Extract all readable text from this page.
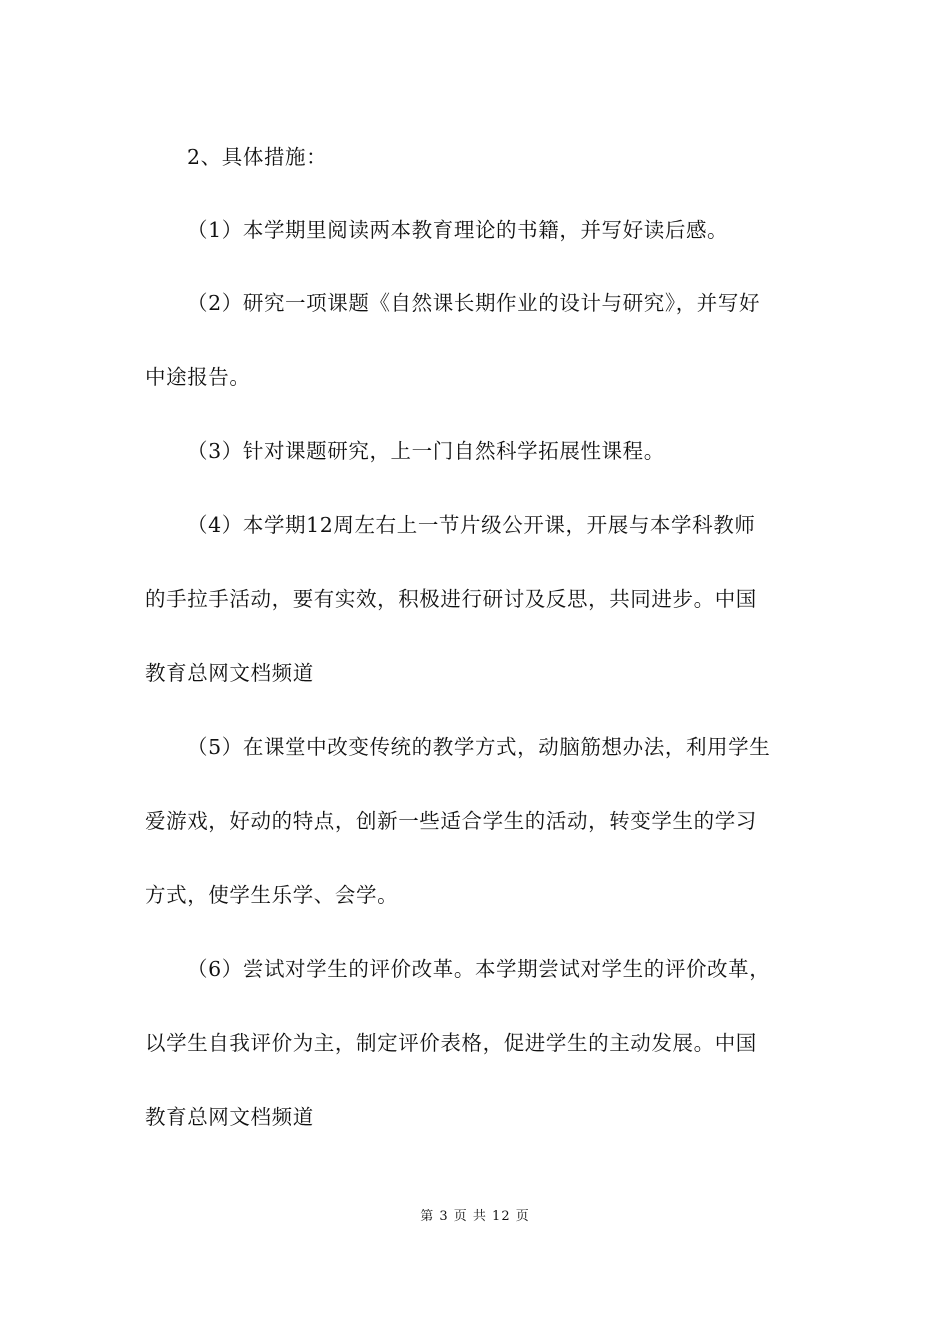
2、具体措施：
（1）本学期里阅读两本教育理论的书籍，并写好读后感。
（2）研究一项课题《自然课长期作业的设计与研究》，并写好
中途报告。
（3）针对课题研究，上一门自然科学拓展性课程。
（4）本学期12周左右上一节片级公开课，开展与本学科教师
的手拉手活动，要有实效，积极进行研讨及反思，共同进步。中国
教育总网文档频道
（5）在课堂中改变传统的教学方式，动脑筋想办法，利用学生
爱游戏，好动的特点，创新一些适合学生的活动，转变学生的学习
方式，使学生乐学、会学。
（6）尝试对学生的评价改革。本学期尝试对学生的评价改革，
以学生自我评价为主，制定评价表格，促进学生的主动发展。中国
教育总网文档频道
第 3 页 共 12 页
